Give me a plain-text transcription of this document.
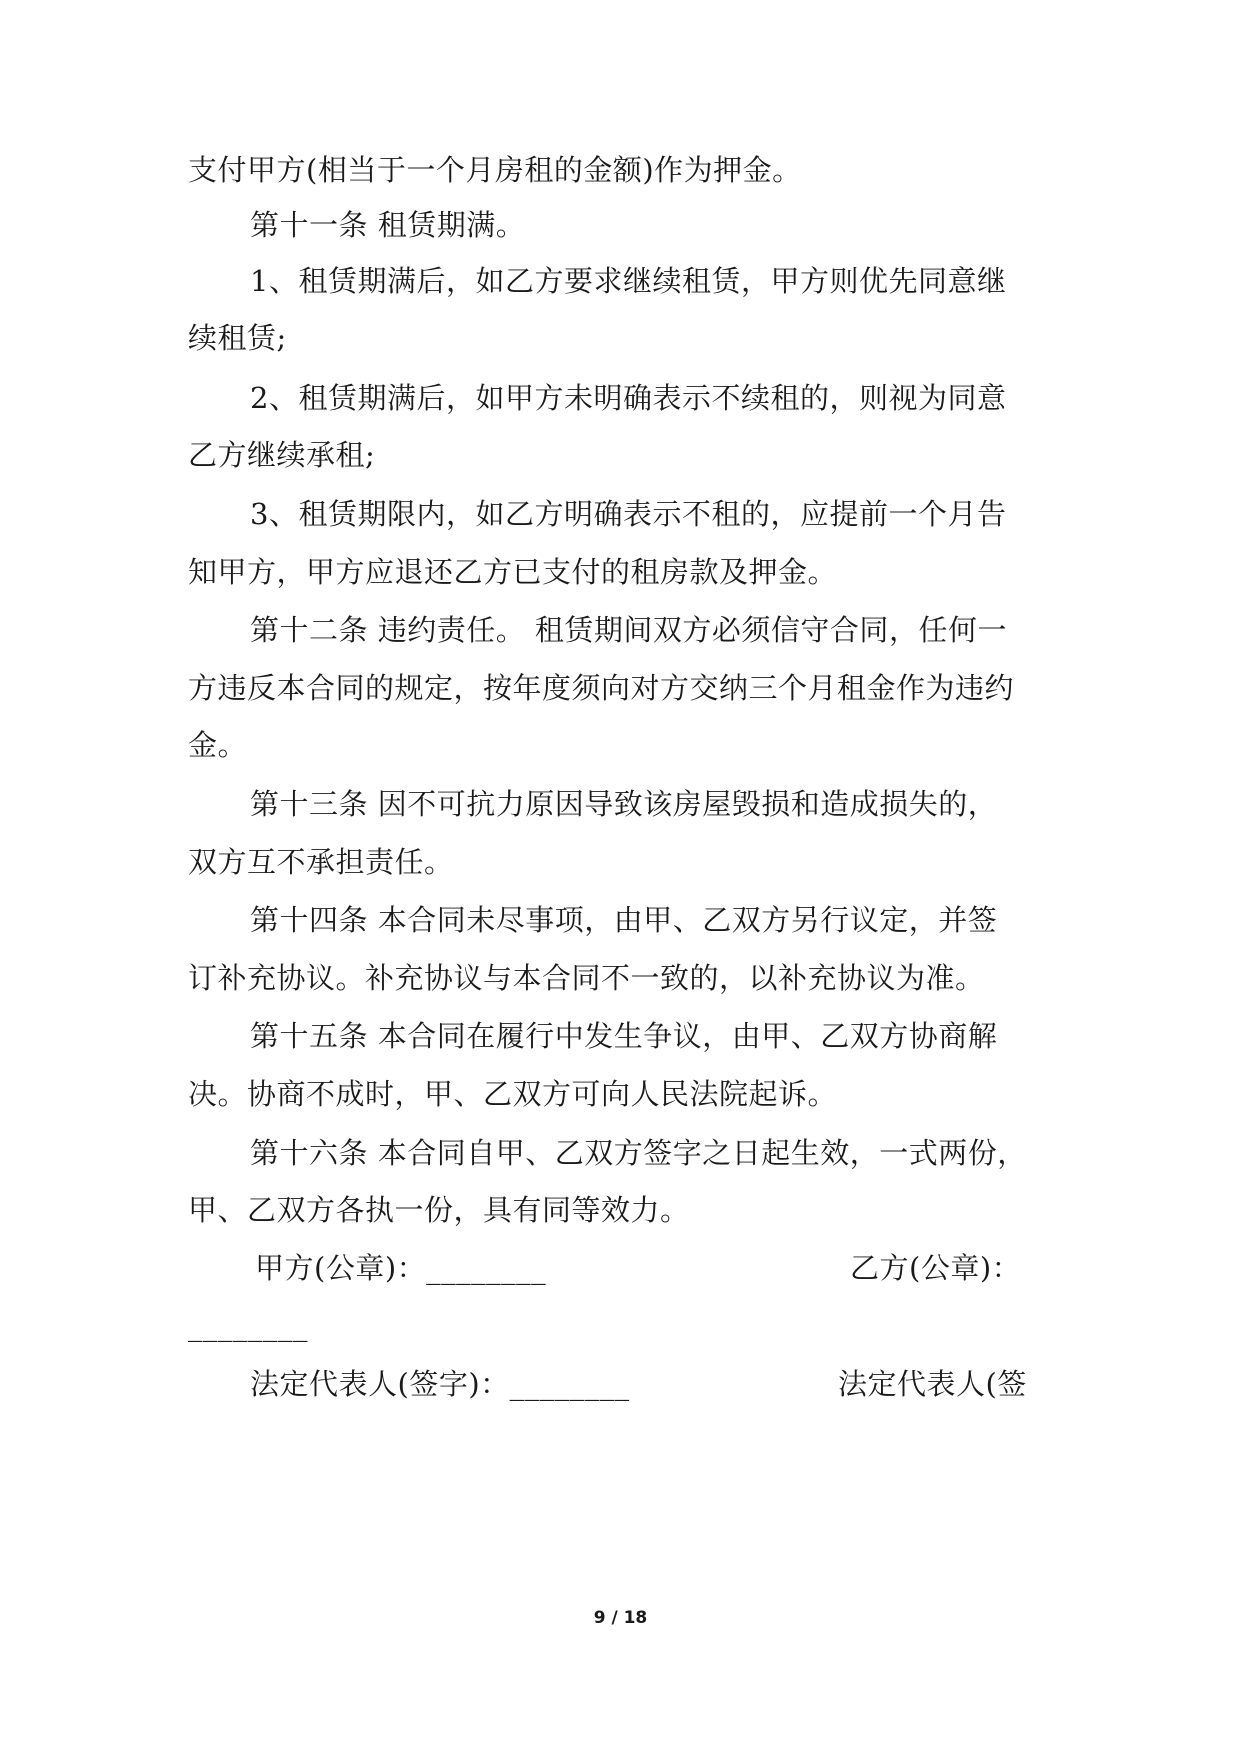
支付甲方(相当于一个月房租的金额)作为押金。
第十一条 租赁期满。
1、租赁期满后，如乙方要求继续租赁，甲方则优先同意继
续租赁;
2、租赁期满后，如甲方未明确表示不续租的，则视为同意
乙方继续承租;
3、租赁期限内，如乙方明确表示不租的，应提前一个月告
知甲方，甲方应退还乙方已支付的租房款及押金。
第十二条 违约责任。 租赁期间双方必须信守合同，任何一
方违反本合同的规定，按年度须向对方交纳三个月租金作为违约
金。
第十三条 因不可抗力原因导致该房屋毁损和造成损失的，
双方互不承担责任。
第十四条 本合同未尽事项，由甲、乙双方另行议定，并签
订补充协议。补充协议与本合同不一致的，以补充协议为准。
第十五条 本合同在履行中发生争议，由甲、乙双方协商解
决。协商不成时，甲、乙双方可向人民法院起诉。
第十六条 本合同自甲、乙双方签字之日起生效，一式两份，
甲、乙双方各执一份，具有同等效力。
甲方(公章)：________	乙方(公章)：
________
法定代表人(签字)：________	法定代表人(签
9 / 18
